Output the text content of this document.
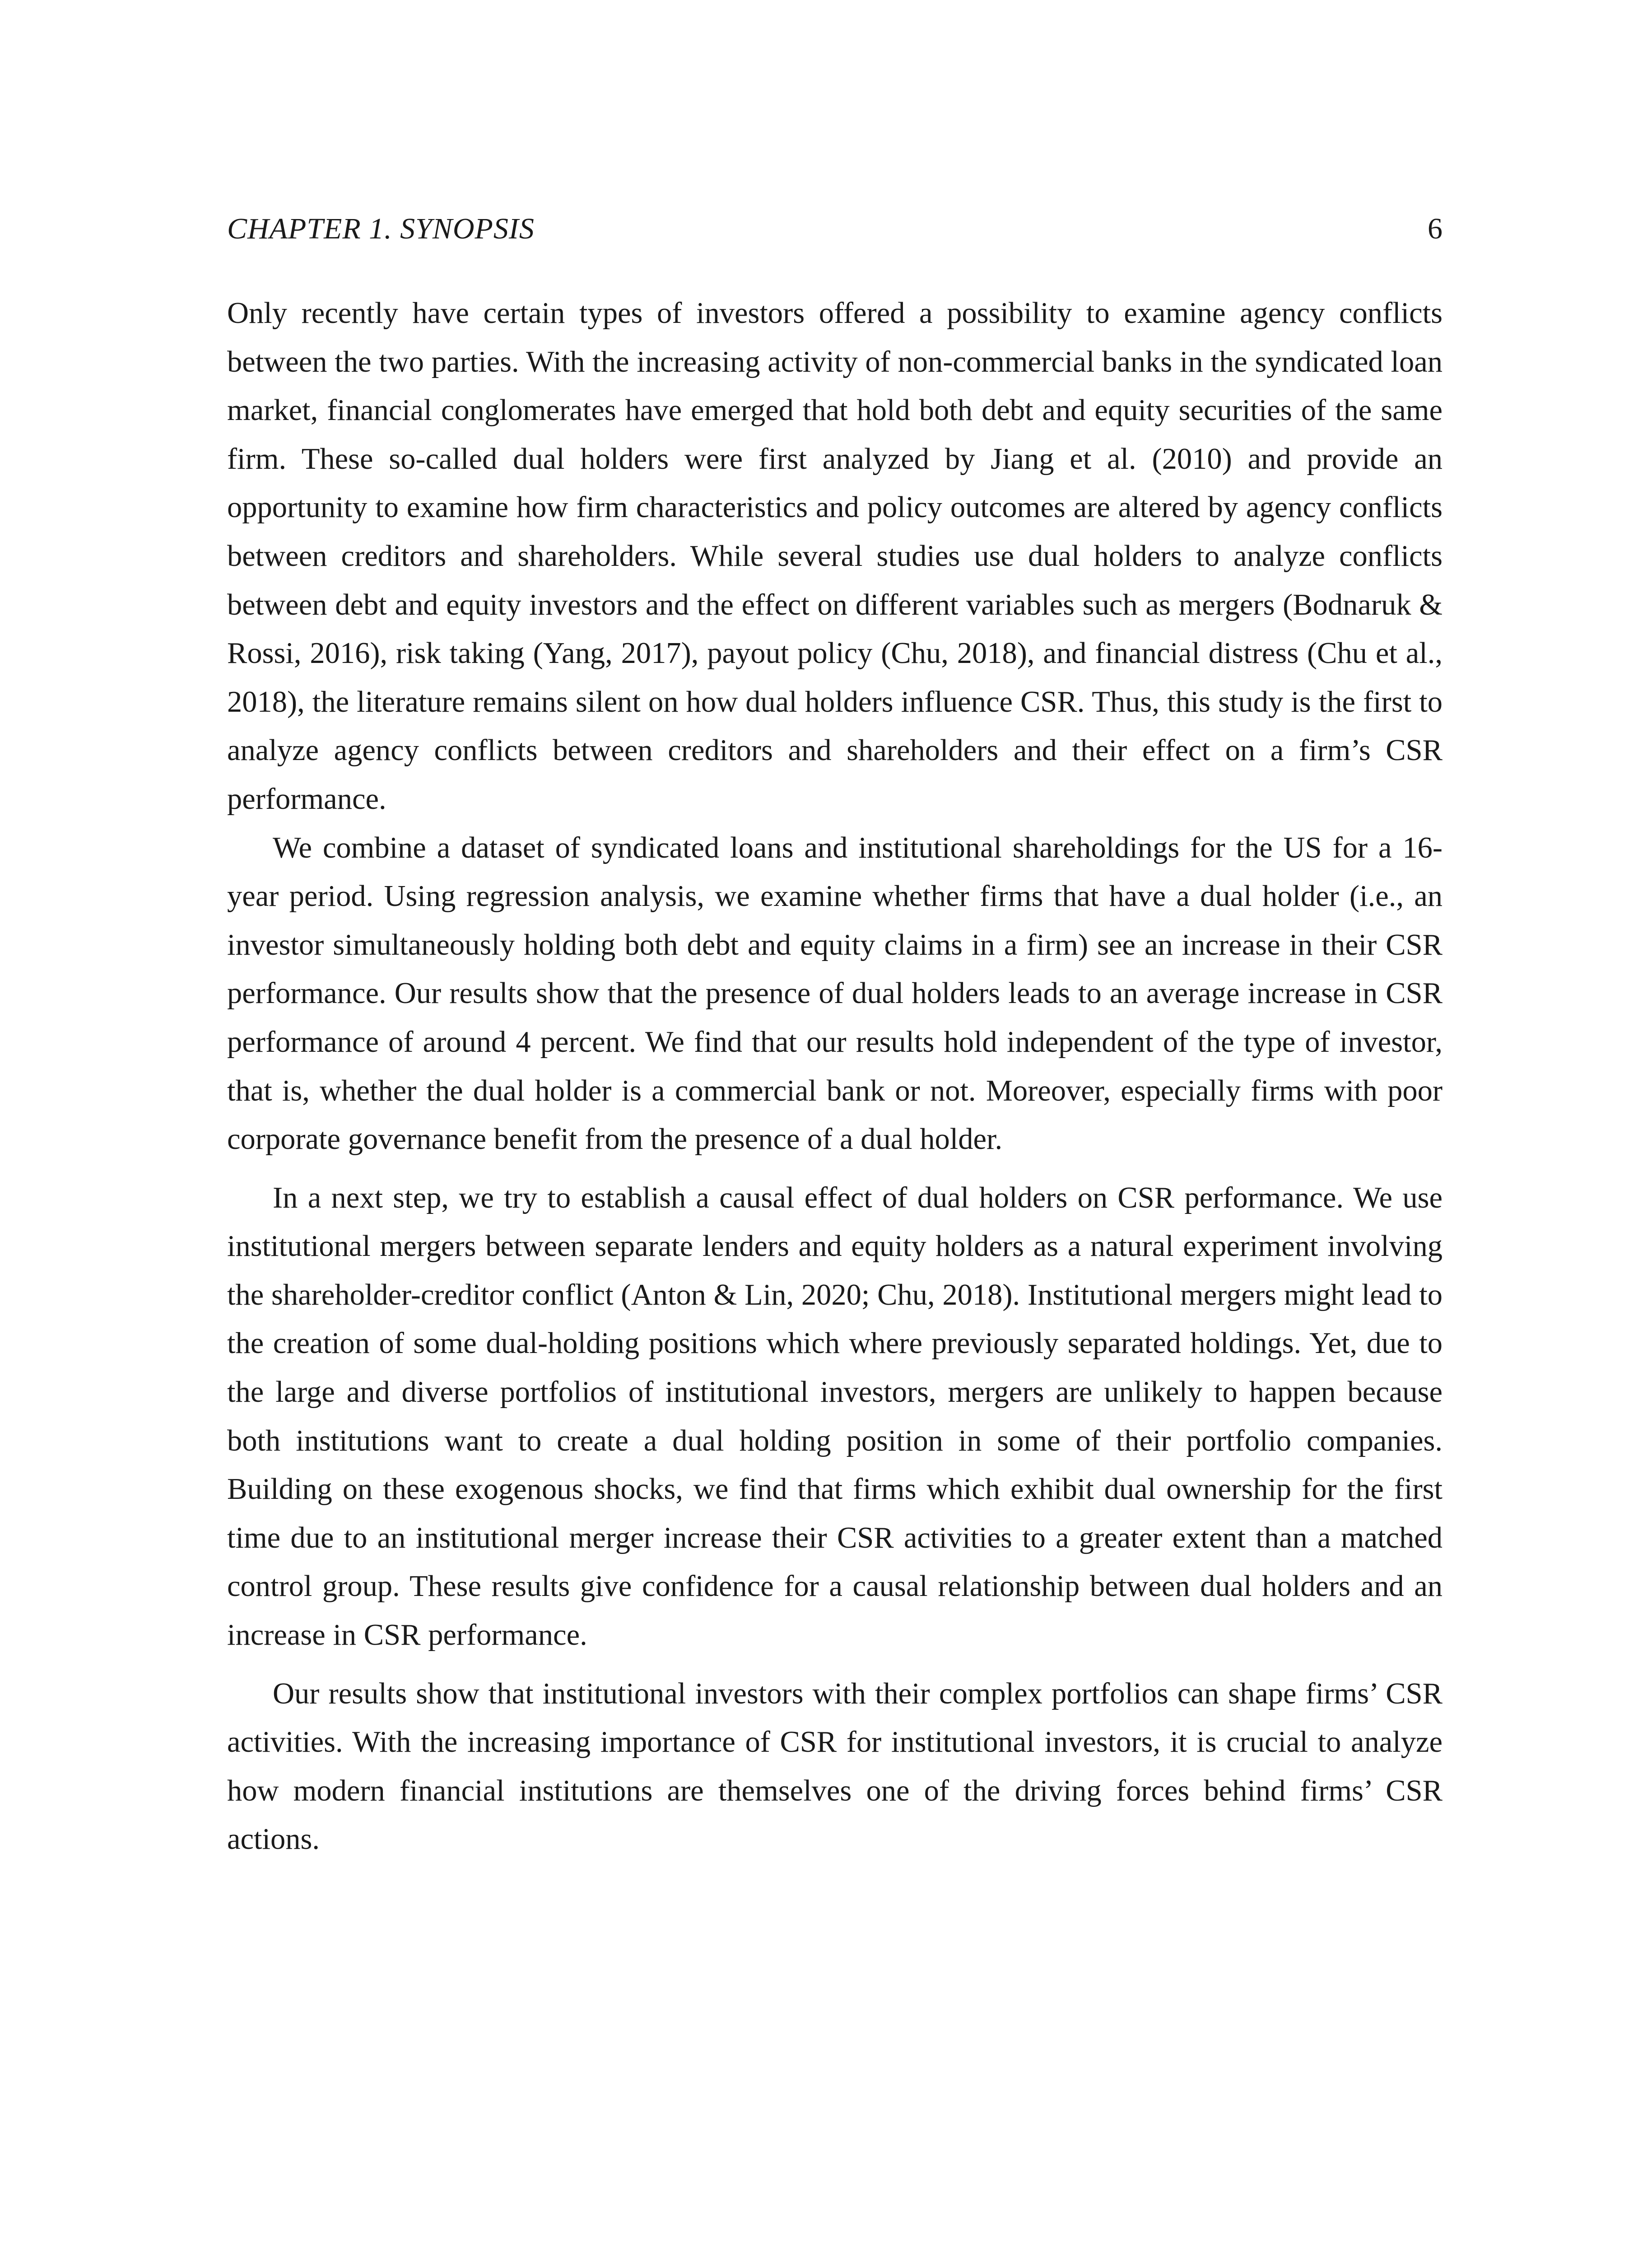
CHAPTER 1. SYNOPSIS	6

Only recently have certain types of investors offered a possibility to examine agency conflicts between the two parties. With the increasing activity of non-commercial banks in the syndicated loan market, financial conglomerates have emerged that hold both debt and equity securities of the same firm. These so-called dual holders were first analyzed by Jiang et al. (2010) and provide an opportunity to examine how firm characteristics and policy outcomes are altered by agency conflicts between creditors and shareholders. While several studies use dual holders to analyze conflicts between debt and equity investors and the effect on different variables such as mergers (Bodnaruk & Rossi, 2016), risk taking (Yang, 2017), payout policy (Chu, 2018), and financial distress (Chu et al., 2018), the literature remains silent on how dual holders influence CSR. Thus, this study is the first to analyze agency conflicts between creditors and shareholders and their effect on a firm’s CSR performance.

We combine a dataset of syndicated loans and institutional shareholdings for the US for a 16-year period. Using regression analysis, we examine whether firms that have a dual holder (i.e., an investor simultaneously holding both debt and equity claims in a firm) see an increase in their CSR performance. Our results show that the presence of dual holders leads to an average increase in CSR performance of around 4 percent. We find that our results hold independent of the type of investor, that is, whether the dual holder is a commercial bank or not. Moreover, especially firms with poor corporate governance benefit from the presence of a dual holder.

In a next step, we try to establish a causal effect of dual holders on CSR performance. We use institutional mergers between separate lenders and equity holders as a natural experiment involving the shareholder-creditor conflict (Anton & Lin, 2020; Chu, 2018). Institutional mergers might lead to the creation of some dual-holding positions which where previously separated holdings. Yet, due to the large and diverse portfolios of institutional investors, mergers are unlikely to happen because both institutions want to create a dual holding position in some of their portfolio companies. Building on these exogenous shocks, we find that firms which exhibit dual ownership for the first time due to an institutional merger increase their CSR activities to a greater extent than a matched control group. These results give confidence for a causal relationship between dual holders and an increase in CSR performance.

Our results show that institutional investors with their complex portfolios can shape firms’ CSR activities. With the increasing importance of CSR for institutional investors, it is crucial to analyze how modern financial institutions are themselves one of the driving forces behind firms’ CSR actions.
